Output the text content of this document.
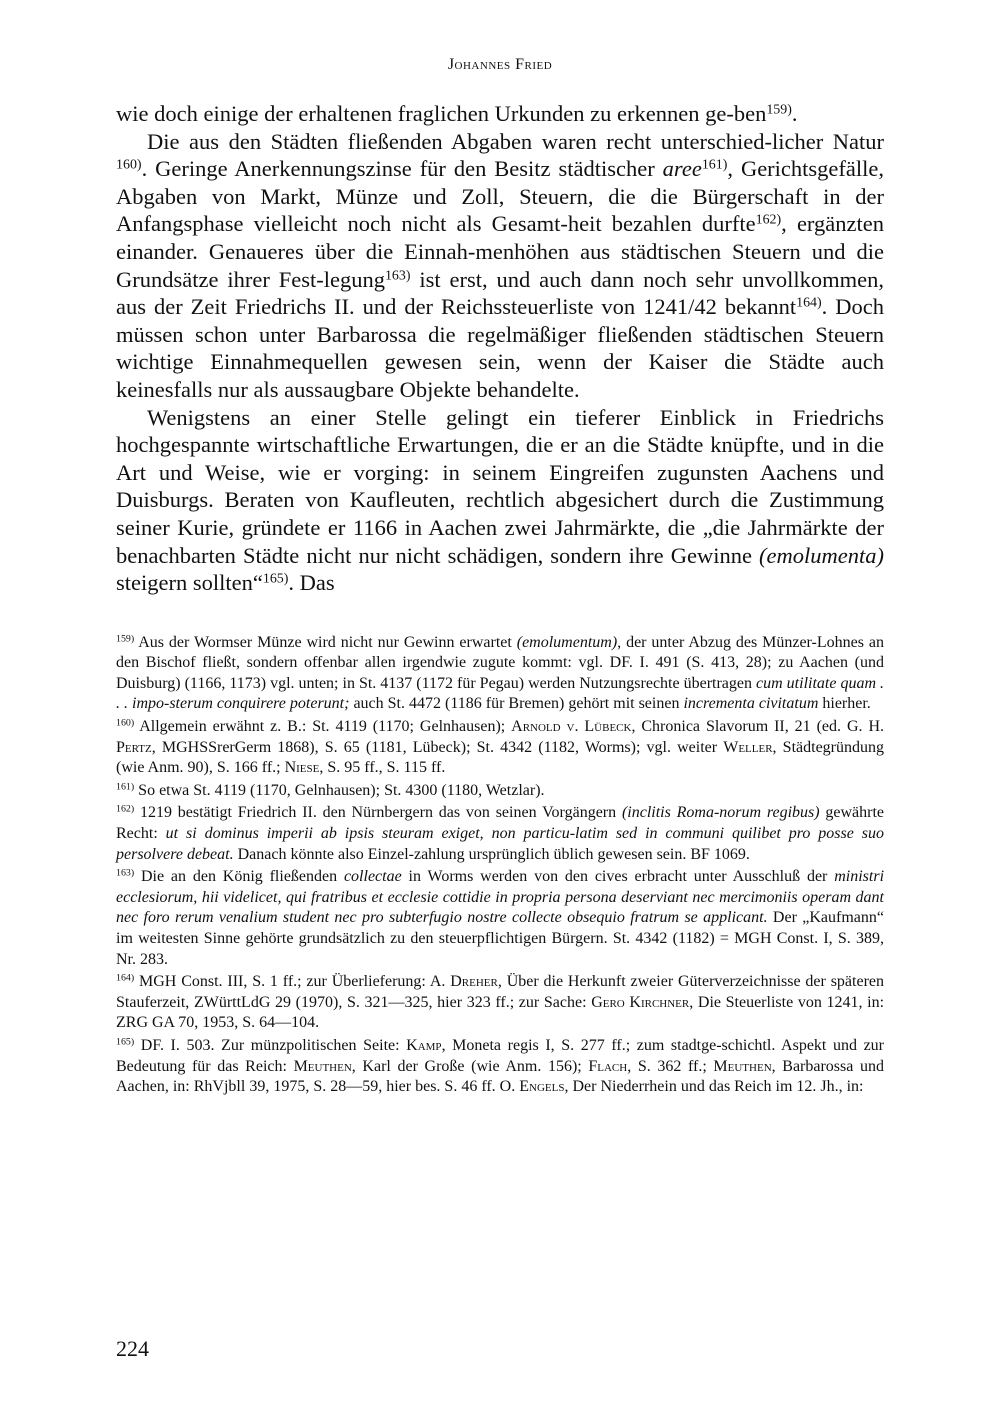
Johannes Fried

wie doch einige der erhaltenen fraglichen Urkunden zu erkennen ge-ben$^{159)}$.

Die aus den Städten fließenden Abgaben waren recht unterschied-licher Natur $^{160)}$. Geringe Anerkennungszinse für den Besitz städtischer aree$^{161)}$, Gerichtsgefälle, Abgaben von Markt, Münze und Zoll, Steuern, die die Bürgerschaft in der Anfangsphase vielleicht noch nicht als Gesamt-heit bezahlen durfte$^{162)}$, ergänzten einander. Genaueres über die Einnah-menhöhen aus städtischen Steuern und die Grundsätze ihrer Fest-legung$^{163)}$ ist erst, und auch dann noch sehr unvollkommen, aus der Zeit Friedrichs II. und der Reichssteuerliste von 1241/42 bekannt$^{164)}$. Doch müssen schon unter Barbarossa die regelmäßiger fließenden städtischen Steuern wichtige Einnahmequellen gewesen sein, wenn der Kaiser die Städte auch keinesfalls nur als aussaugbare Objekte behandelte.

Wenigstens an einer Stelle gelingt ein tieferer Einblick in Friedrichs hochgespannte wirtschaftliche Erwartungen, die er an die Städte knüpfte, und in die Art und Weise, wie er vorging: in seinem Eingreifen zugunsten Aachens und Duisburgs. Beraten von Kaufleuten, rechtlich abgesichert durch die Zustimmung seiner Kurie, gründete er 1166 in Aachen zwei Jahrmärkte, die „die Jahrmärkte der benachbarten Städte nicht nur nicht schädigen, sondern ihre Gewinne (emolumenta) steigern sollten“$^{165)}$. Das

$^{159)}$ Aus der Wormser Münze wird nicht nur Gewinn erwartet (emolumentum), der unter Abzug des Münzer-Lohnes an den Bischof fließt, sondern offenbar allen irgendwie zugute kommt: vgl. DF. I. 491 (S. 413, 28); zu Aachen (und Duisburg) (1166, 1173) vgl. unten; in St. 4137 (1172 für Pegau) werden Nutzungsrechte übertragen cum utilitate quam . . . impo-sterum conquirere poterunt; auch St. 4472 (1186 für Bremen) gehört mit seinen incrementa civitatum hierher.

$^{160)}$ Allgemein erwähnt z. B.: St. 4119 (1170; Gelnhausen); Arnold v. Lübeck, Chronica Slavorum II, 21 (ed. G. H. Pertz, MGHSSrerGerm 1868), S. 65 (1181, Lübeck); St. 4342 (1182, Worms); vgl. weiter Weller, Städtegründung (wie Anm. 90), S. 166 ff.; Niese, S. 95 ff., S. 115 ff.

$^{161)}$ So etwa St. 4119 (1170, Gelnhausen); St. 4300 (1180, Wetzlar).

$^{162)}$ 1219 bestätigt Friedrich II. den Nürnbergern das von seinen Vorgängern (inclitis Roma-norum regibus) gewährte Recht: ut si dominus imperii ab ipsis steuram exiget, non particu-latim sed in communi quilibet pro posse suo persolvere debeat. Danach könnte also Einzel-zahlung ursprünglich üblich gewesen sein. BF 1069.

$^{163)}$ Die an den König fließenden collectae in Worms werden von den cives erbracht unter Ausschluß der ministri ecclesiorum, hii videlicet, qui fratribus et ecclesie cottidie in propria persona deserviant nec mercimoniis operam dant nec foro rerum venalium student nec pro subterfugio nostre collecte obsequio fratrum se applicant. Der „Kaufmann“ im weitesten Sinne gehörte grundsätzlich zu den steuerpflichtigen Bürgern. St. 4342 (1182) = MGH Const. I, S. 389, Nr. 283.

$^{164)}$ MGH Const. III, S. 1 ff.; zur Überlieferung: A. Dreher, Über die Herkunft zweier Güterverzeichnisse der späteren Stauferzeit, ZWürttLdG 29 (1970), S. 321—325, hier 323 ff.; zur Sache: Gero Kirchner, Die Steuerliste von 1241, in: ZRG GA 70, 1953, S. 64—104.

$^{165)}$ DF. I. 503. Zur münzpolitischen Seite: Kamp, Moneta regis I, S. 277 ff.; zum stadtge-schichtl. Aspekt und zur Bedeutung für das Reich: Meuthen, Karl der Große (wie Anm. 156); Flach, S. 362 ff.; Meuthen, Barbarossa und Aachen, in: RhVjbll 39, 1975, S. 28—59, hier bes. S. 46 ff. O. Engels, Der Niederrhein und das Reich im 12. Jh., in:

224
